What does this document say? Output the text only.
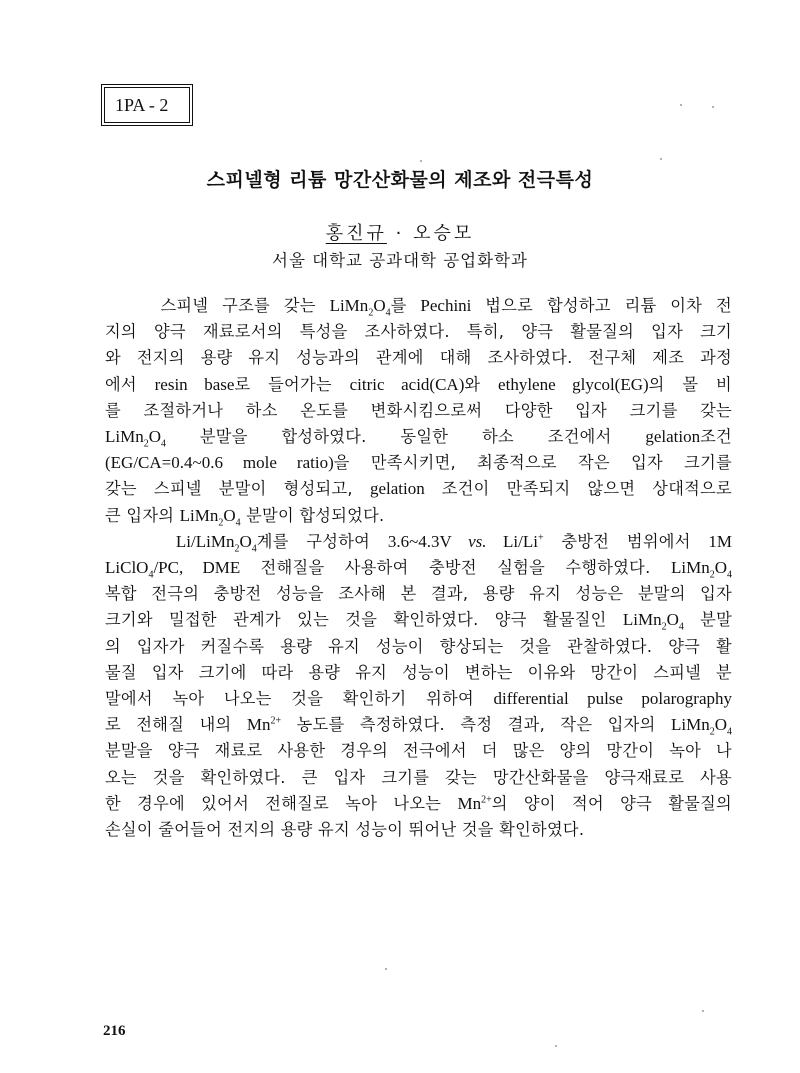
1PA - 2
스피넬형 리튬 망간산화물의 제조와 전극특성
홍진규 · 오승모
서울 대학교 공과대학 공업화학과

스피넬 구조를 갖는 $LiMn_2O_4$를 Pechini 법으로 합성하고 리튬 이차 전
지의 양극 재료로서의 특성을 조사하였다. 특히, 양극 활물질의 입자 크기
와 전지의 용량 유지 성능과의 관계에 대해 조사하였다. 전구체 제조 과정
에서 resin base로 들어가는 citric acid(CA)와 ethylene glycol(EG)의 몰 비
를 조절하거나 하소 온도를 변화시킴으로써 다양한 입자 크기를 갖는
$LiMn_2O_4$ 분말을 합성하였다. 동일한 하소 조건에서 gelation조건
(EG/CA=0.4~0.6 mole ratio)을 만족시키면, 최종적으로 작은 입자 크기를
갖는 스피넬 분말이 형성되고, gelation 조건이 만족되지 않으면 상대적으로
큰 입자의 $LiMn_2O_4$ 분말이 합성되었다.

$Li/LiMn_2O_4$계를 구성하여 3.6~4.3V vs. Li/Li+ 충방전 범위에서 1M
LiClO$_4$/PC, DME 전해질을 사용하여 충방전 실험을 수행하였다. $LiMn_2O_4$
복합 전극의 충방전 성능을 조사해 본 결과, 용량 유지 성능은 분말의 입자
크기와 밀접한 관계가 있는 것을 확인하였다. 양극 활물질인 $LiMn_2O_4$ 분말
의 입자가 커질수록 용량 유지 성능이 향상되는 것을 관찰하였다. 양극 활
물질 입자 크기에 따라 용량 유지 성능이 변하는 이유와 망간이 스피넬 분
말에서 녹아 나오는 것을 확인하기 위하여 differential pulse polarography
로 전해질 내의 $Mn^{2+}$ 농도를 측정하였다. 측정 결과, 작은 입자의 $LiMn_2O_4$
분말을 양극 재료로 사용한 경우의 전극에서 더 많은 양의 망간이 녹아 나
오는 것을 확인하였다. 큰 입자 크기를 갖는 망간산화물을 양극재료로 사용
한 경우에 있어서 전해질로 녹아 나오는 $Mn^{2+}$의 양이 적어 양극 활물질의
손실이 줄어들어 전지의 용량 유지 성능이 뛰어난 것을 확인하였다.

216
